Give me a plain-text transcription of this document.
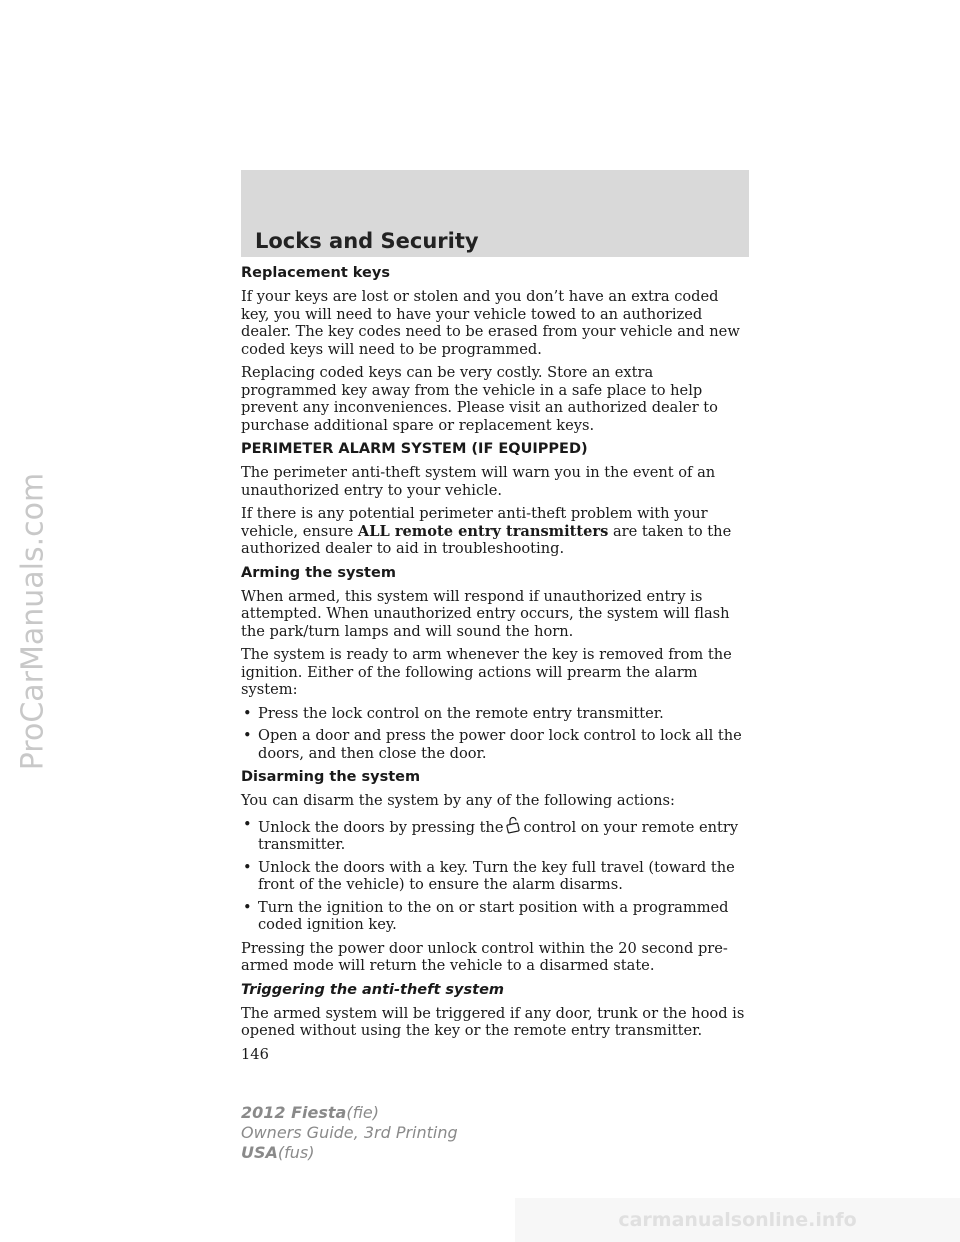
ProCarManuals.com
Locks and Security
Replacement keys

If your keys are lost or stolen and you don’t have an extra coded key, you will need to have your vehicle towed to an authorized dealer. The key codes need to be erased from your vehicle and new coded keys will need to be programmed.

Replacing coded keys can be very costly. Store an extra programmed key away from the vehicle in a safe place to help prevent any inconveniences. Please visit an authorized dealer to purchase additional spare or replacement keys.

PERIMETER ALARM SYSTEM (IF EQUIPPED)

The perimeter anti-theft system will warn you in the event of an unauthorized entry to your vehicle.

If there is any potential perimeter anti-theft problem with your vehicle, ensure ALL remote entry transmitters are taken to the authorized dealer to aid in troubleshooting.

Arming the system

When armed, this system will respond if unauthorized entry is attempted. When unauthorized entry occurs, the system will flash the park/turn lamps and will sound the horn.

The system is ready to arm whenever the key is removed from the ignition. Either of the following actions will prearm the alarm system:

• Press the lock control on the remote entry transmitter.
• Open a door and press the power door lock control to lock all the doors, and then close the door.
Disarming the system

You can disarm the system by any of the following actions:

• Unlock the doors by pressing the control on your remote entry transmitter.
• Unlock the doors with a key. Turn the key full travel (toward the front of the vehicle) to ensure the alarm disarms.
• Turn the ignition to the on or start position with a programmed coded ignition key.

Pressing the power door unlock control within the 20 second pre-armed mode will return the vehicle to a disarmed state.

Triggering the anti-theft system

The armed system will be triggered if any door, trunk or the hood is opened without using the key or the remote entry transmitter.

146
2012 Fiesta(fie)
Owners Guide, 3rd Printing
USA(fus)
carmanualsonline.info
